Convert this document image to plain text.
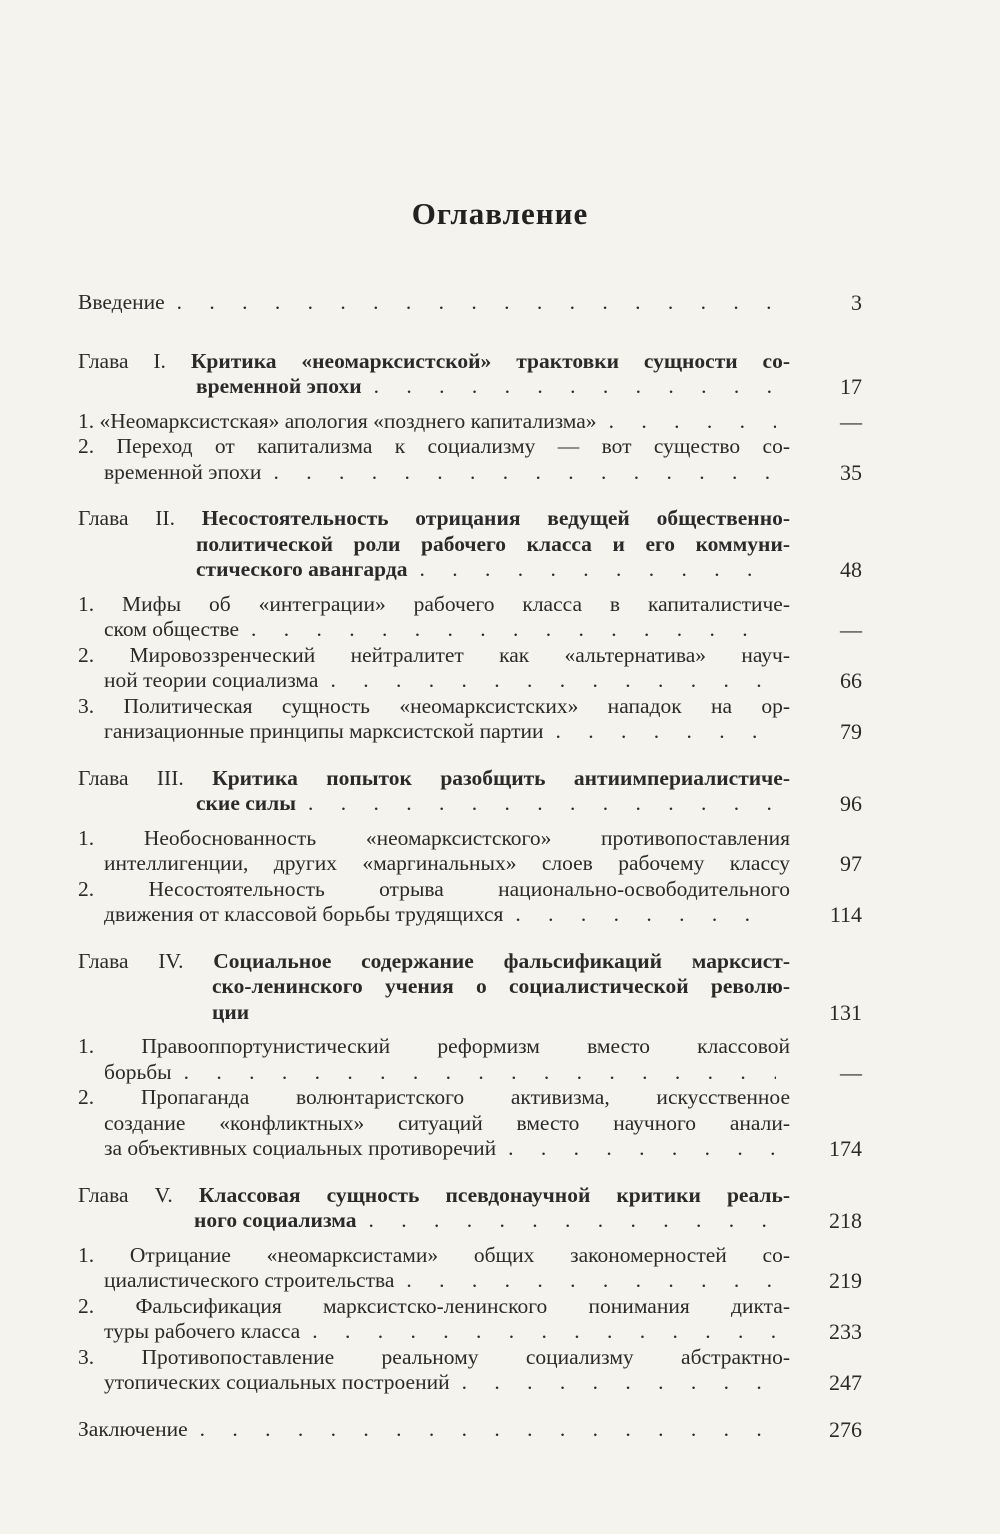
Оглавление
Введение . . .	3
Глава I. Критика «неомарксистской» трактовки сущности со-
временной эпохи . . .	17
1. «Неомарксистская» апология «позднего капитализма» . . .	—
2. Переход от капитализма к социализму — вот существо со-
временной эпохи . . .	35
Глава II. Несостоятельность отрицания ведущей общественно-
политической роли рабочего класса и его коммуни-
стического авангарда . . .	48
1. Мифы об «интеграции» рабочего класса в капиталистиче-
ском обществе . . .	—
2. Мировоззренческий нейтралитет как «альтернатива» науч-
ной теории социализма . . .	66
3. Политическая сущность «неомарксистских» нападок на ор-
ганизационные принципы марксистской партии . . .	79
Глава III. Критика попыток разобщить антиимпериалистиче-
ские силы . . .	96
1. Необоснованность «неомарксистского» противопоставления
интеллигенции, других «маргинальных» слоев рабочему классу	97
2. Несостоятельность отрыва национально-освободительного
движения от классовой борьбы трудящихся . . .	114
Глава IV. Социальное содержание фальсификаций марксист-
ско-ленинского учения о социалистической револю-
ции	131
1. Правооппортунистический реформизм вместо классовой
борьбы . . .	—
2. Пропаганда волюнтаристского активизма, искусственное
создание «конфликтных» ситуаций вместо научного анали-
за объективных социальных противоречий . . .	174
Глава V. Классовая сущность псевдонаучной критики реаль-
ного социализма . . .	218
1. Отрицание «неомарксистами» общих закономерностей со-
циалистического строительства . . .	219
2. Фальсификация марксистско-ленинского понимания дикта-
туры рабочего класса . . .	233
3. Противопоставление реальному социализму абстрактно-
утопических социальных построений . . .	247
Заключение . . .	276
